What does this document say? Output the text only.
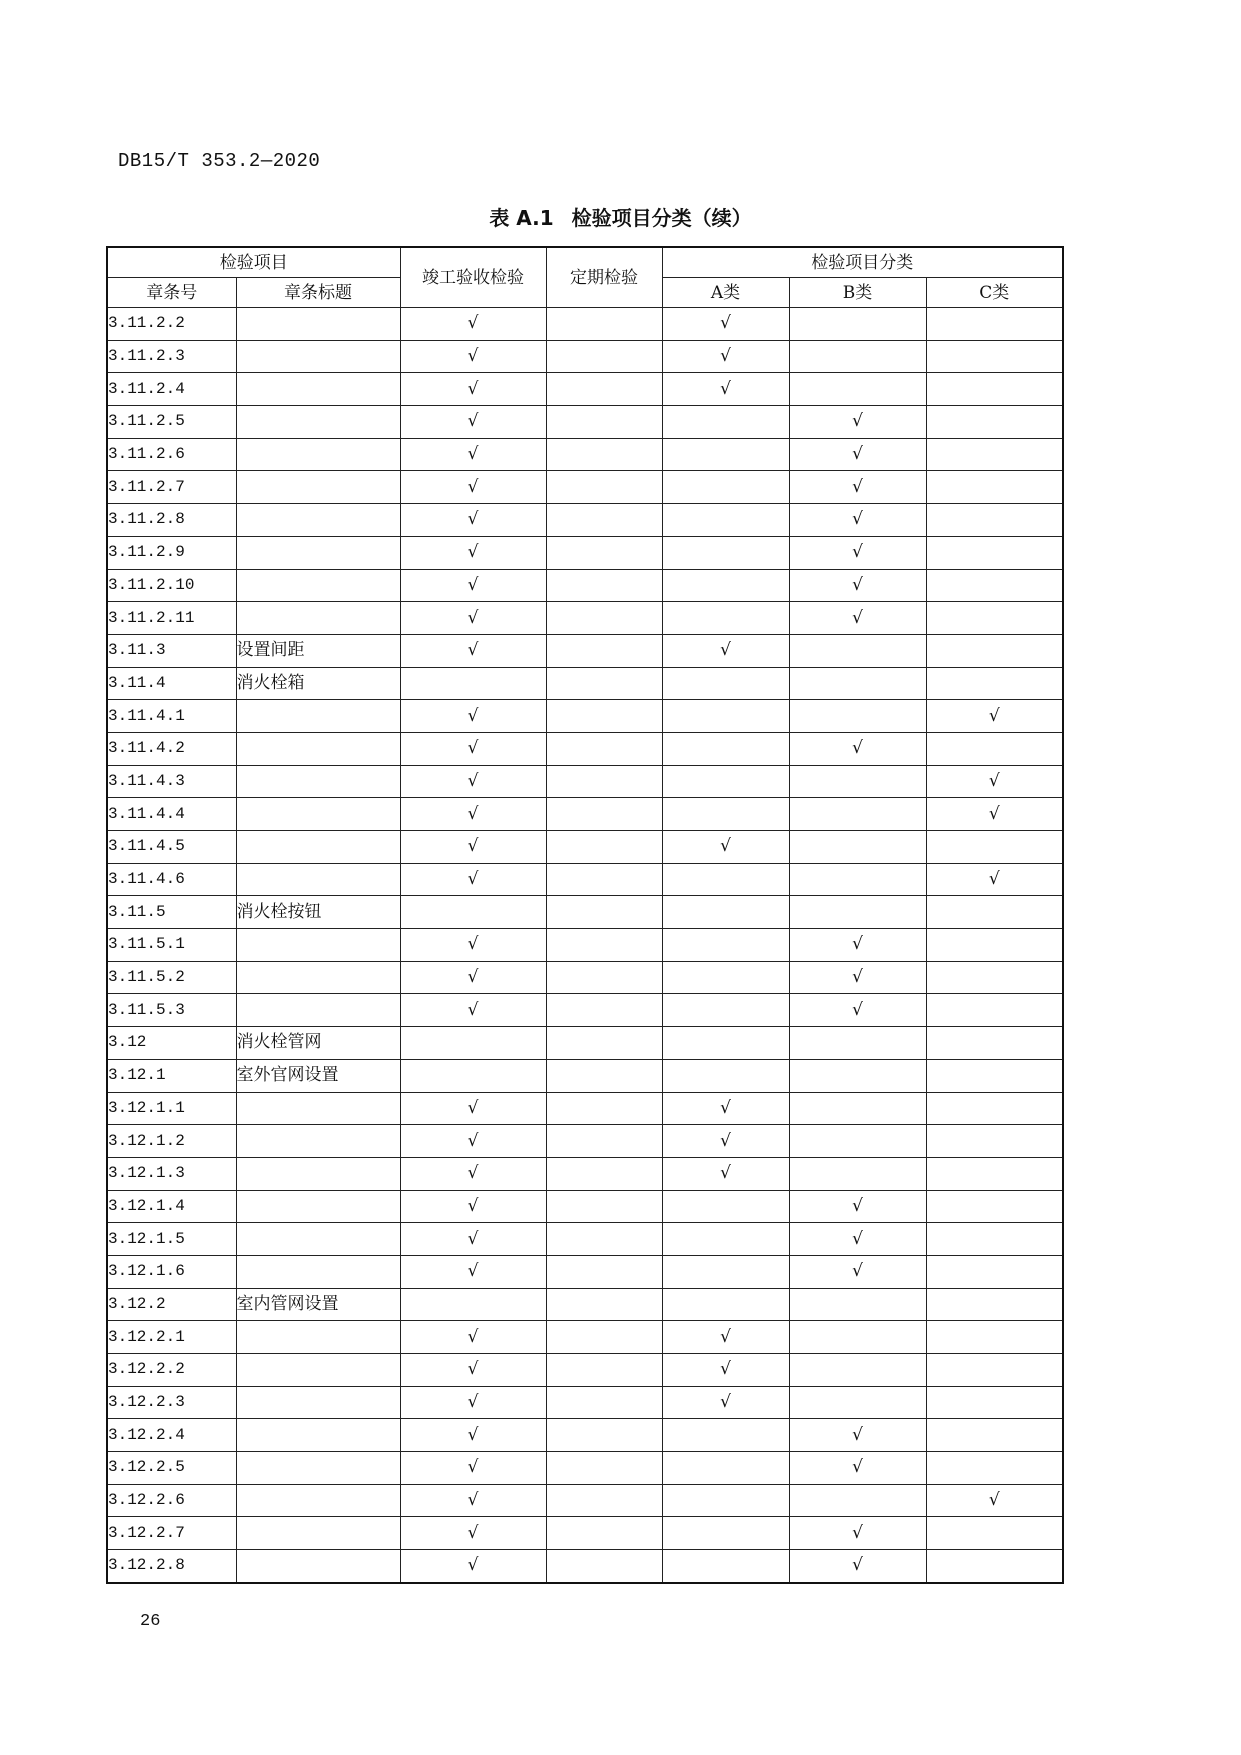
DB15/T 353.2—2020
表 A.1 检验项目分类（续）
检验项目		竣工验收检验	定期检验	检验项目分类		
章条号	章条标题			A类	B类	C类
3.11.2.2		√		√		
3.11.2.3		√		√		
3.11.2.4		√		√		
3.11.2.5		√			√	
3.11.2.6		√			√	
3.11.2.7		√			√	
3.11.2.8		√			√	
3.11.2.9		√			√	
3.11.2.10		√			√	
3.11.2.11		√			√	
3.11.3	设置间距	√		√		
3.11.4	消火栓箱					
3.11.4.1		√				√
3.11.4.2		√			√	
3.11.4.3		√				√
3.11.4.4		√				√
3.11.4.5		√		√		
3.11.4.6		√				√
3.11.5	消火栓按钮					
3.11.5.1		√			√	
3.11.5.2		√			√	
3.11.5.3		√			√	
3.12	消火栓管网					
3.12.1	室外官网设置					
3.12.1.1		√		√		
3.12.1.2		√		√		
3.12.1.3		√		√		
3.12.1.4		√			√	
3.12.1.5		√			√	
3.12.1.6		√			√	
3.12.2	室内管网设置					
3.12.2.1		√		√		
3.12.2.2		√		√		
3.12.2.3		√		√		
3.12.2.4		√			√	
3.12.2.5		√			√	
3.12.2.6		√				√
3.12.2.7		√			√	
3.12.2.8		√			√	
26
